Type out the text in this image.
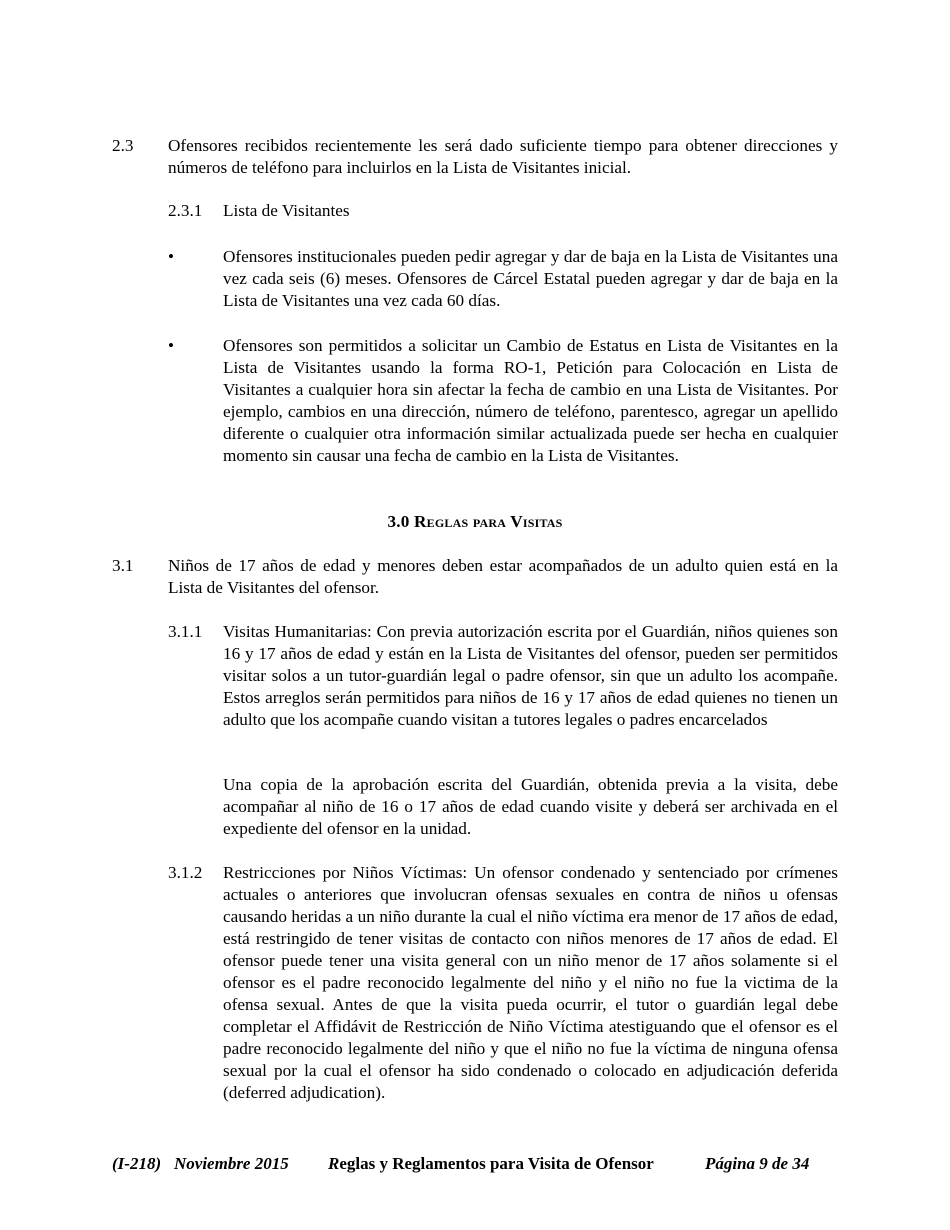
2.3 Ofensores recibidos recientemente les será dado suficiente tiempo para obtener direcciones y números de teléfono para incluirlos en la Lista de Visitantes inicial.
2.3.1 Lista de Visitantes
•	Ofensores institucionales pueden pedir agregar y dar de baja en la Lista de Visitantes una vez cada seis (6) meses. Ofensores de Cárcel Estatal pueden agregar y dar de baja en la Lista de Visitantes una vez cada 60 días.
•	Ofensores son permitidos a solicitar un Cambio de Estatus en Lista de Visitantes en la Lista de Visitantes usando la forma RO-1, Petición para Colocación en Lista de Visitantes a cualquier hora sin afectar la fecha de cambio en una Lista de Visitantes. Por ejemplo, cambios en una dirección, número de teléfono, parentesco, agregar un apellido diferente o cualquier otra información similar actualizada puede ser hecha en cualquier momento sin causar una fecha de cambio en la Lista de Visitantes.
3.0 Reglas para Visitas
3.1 Niños de 17 años de edad y menores deben estar acompañados de un adulto quien está en la Lista de Visitantes del ofensor.
3.1.1 Visitas Humanitarias: Con previa autorización escrita por el Guardián, niños quienes son 16 y 17 años de edad y están en la Lista de Visitantes del ofensor, pueden ser permitidos visitar solos a un tutor-guardián legal o padre ofensor, sin que un adulto los acompañe. Estos arreglos serán permitidos para niños de 16 y 17 años de edad quienes no tienen un adulto que los acompañe cuando visitan a tutores legales o padres encarcelados
Una copia de la aprobación escrita del Guardián, obtenida previa a la visita, debe acompañar al niño de 16 o 17 años de edad cuando visite y deberá ser archivada en el expediente del ofensor en la unidad.
3.1.2 Restricciones por Niños Víctimas: Un ofensor condenado y sentenciado por crímenes actuales o anteriores que involucran ofensas sexuales en contra de niños u ofensas causando heridas a un niño durante la cual el niño víctima era menor de 17 años de edad, está restringido de tener visitas de contacto con niños menores de 17 años de edad. El ofensor puede tener una visita general con un niño menor de 17 años solamente si el ofensor es el padre reconocido legalmente del niño y el niño no fue la victima de la ofensa sexual. Antes de que la visita pueda ocurrir, el tutor o guardián legal debe completar el Affidávit de Restricción de Niño Víctima atestiguando que el ofensor es el padre reconocido legalmente del niño y que el niño no fue la víctima de ninguna ofensa sexual por la cual el ofensor ha sido condenado o colocado en adjudicación deferida (deferred adjudication).
(I-218) Noviembre 2015 Reglas y Reglamentos para Visita de Ofensor	Página 9 de 34
